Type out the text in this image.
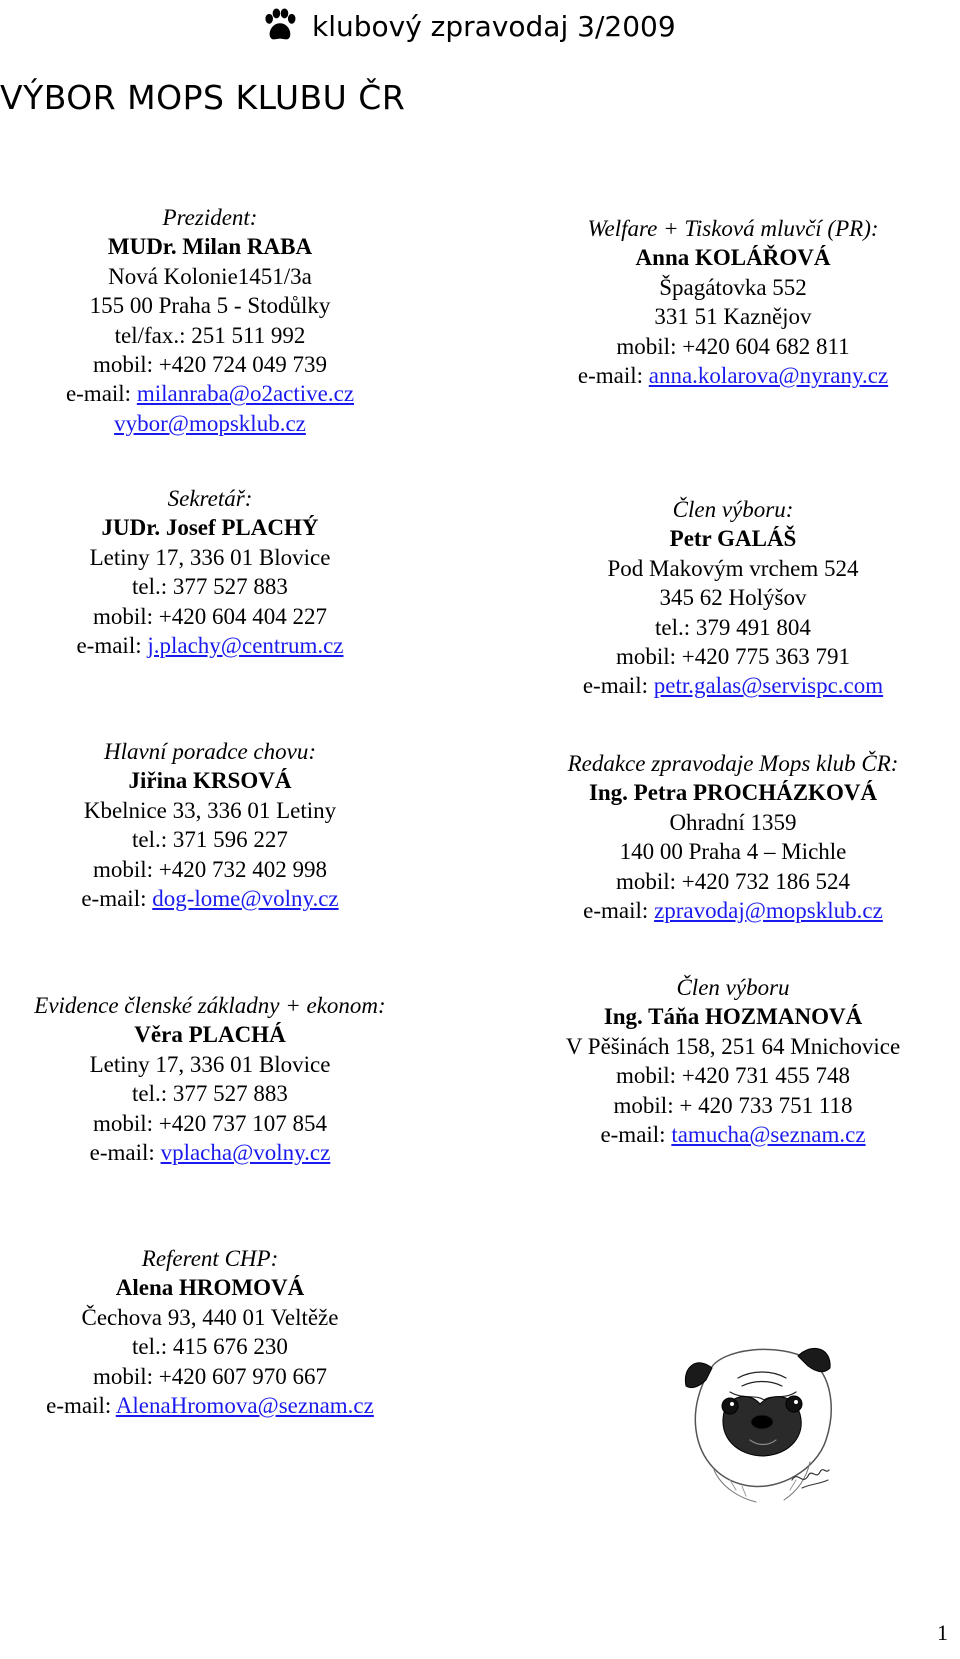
klubový zpravodaj 3/2009
VÝBOR MOPS KLUBU ČR
Prezident:
MUDr. Milan RABA
Nová Kolonie1451/3a
155 00 Praha 5 - Stodůlky
tel/fax.: 251 511 992
mobil: +420 724 049 739
e-mail: milanraba@o2active.cz
vybor@mopsklub.cz
Welfare + Tisková mluvčí (PR):
Anna KOLÁŘOVÁ
Špagátovka 552
331 51 Kaznějov
mobil: +420 604 682 811
e-mail: anna.kolarova@nyrany.cz
Sekretář:
JUDr. Josef PLACHÝ
Letiny 17, 336 01 Blovice
tel.: 377 527 883
mobil: +420 604 404 227
e-mail: j.plachy@centrum.cz
Člen výboru:
Petr GALÁŠ
Pod Makovým vrchem 524
345 62 Holýšov
tel.: 379 491 804
mobil: +420 775 363 791
e-mail: petr.galas@servispc.com
Hlavní poradce chovu:
Jiřina KRSOVÁ
Kbelnice 33, 336 01 Letiny
tel.: 371 596 227
mobil: +420 732 402 998
e-mail: dog-lome@volny.cz
Redakce zpravodaje Mops klub ČR:
Ing. Petra PROCHÁZKOVÁ
Ohradní 1359
140 00 Praha 4 – Michle
mobil: +420 732 186 524
e-mail: zpravodaj@mopsklub.cz
Evidence členské základny + ekonom:
Věra PLACHÁ
Letiny 17, 336 01 Blovice
tel.: 377 527 883
mobil: +420 737 107 854
e-mail: vplacha@volny.cz
Člen výboru
Ing. Táňa HOZMANOVÁ
V Pěšinách 158, 251 64 Mnichovice
mobil: +420 731 455 748
mobil: + 420 733 751 118
e-mail: tamucha@seznam.cz
Referent CHP:
Alena HROMOVÁ
Čechova 93, 440 01 Veltěže
tel.: 415 676 230
mobil: +420 607 970 667
e-mail: AlenaHromova@seznam.cz
1
